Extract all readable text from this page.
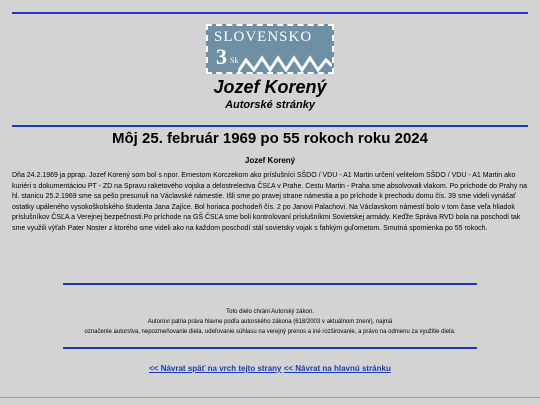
SLOVENSKO
3 Sk
Jozef Korený
Autorské stránky
Môj 25. február 1969 po 55 rokoch roku 2024
Jozef Korený
Dňa 24.2.1969 ja pprap. Jozef Korený som bol s npor. Ernestom Korczekom ako príslušníci SŠDO / VDU - A1 Martin určení velitelom SŠDO / VDU - A1 Martin ako kuriéri s dokumentáciou PT - ZD na Spravu raketového vojska a delostrelectva ČSĽA v Prahe. Cestu Martin - Praha sme absolvovali vlakom. Po príchode do Prahy na hl. stanicu 25.2.1969 sme sa pešo presunuli na Václavské námestie. Išli sme po pravej strane námestia a po príchode k prechodu domu čís. 39 sme videli vynášať ostatky upáleného vysokoškolského študenta Jana Zajíce. Bol horiaca pochodeň čís. 2 po Janovi Palachovi. Na Václavskom námestí bolo v tom čase veľa hliadok príslušníkov ČSĽA a Verejnej bezpečnosti.Po príchode na GŠ ČSĽA sme boli kontrolovaní príslušníkmi Sovietskej armády. Keďže Správa RVD bola na poschodí tak sme využili výťah Pater Noster z ktorého sme videli ako na každom poschodí stál sovietsky vojak s fahkým guľometom. Smutná spomienka po 55 rokoch.
Toto dielo chráni Autorský zákon.
Autorovi patria práva hlavne podľa autorského zákona (618/2003 v aktuálnom znení), najmä
označenie autorstva, nepozmeňovanie diela, udeľovanie súhlasu na verejný prenos a iné rozširovanie, a právo na odmenu za využitie diela.
<< Návrat späť na vrch tejto strany << Návrat na hlavnú stránku
